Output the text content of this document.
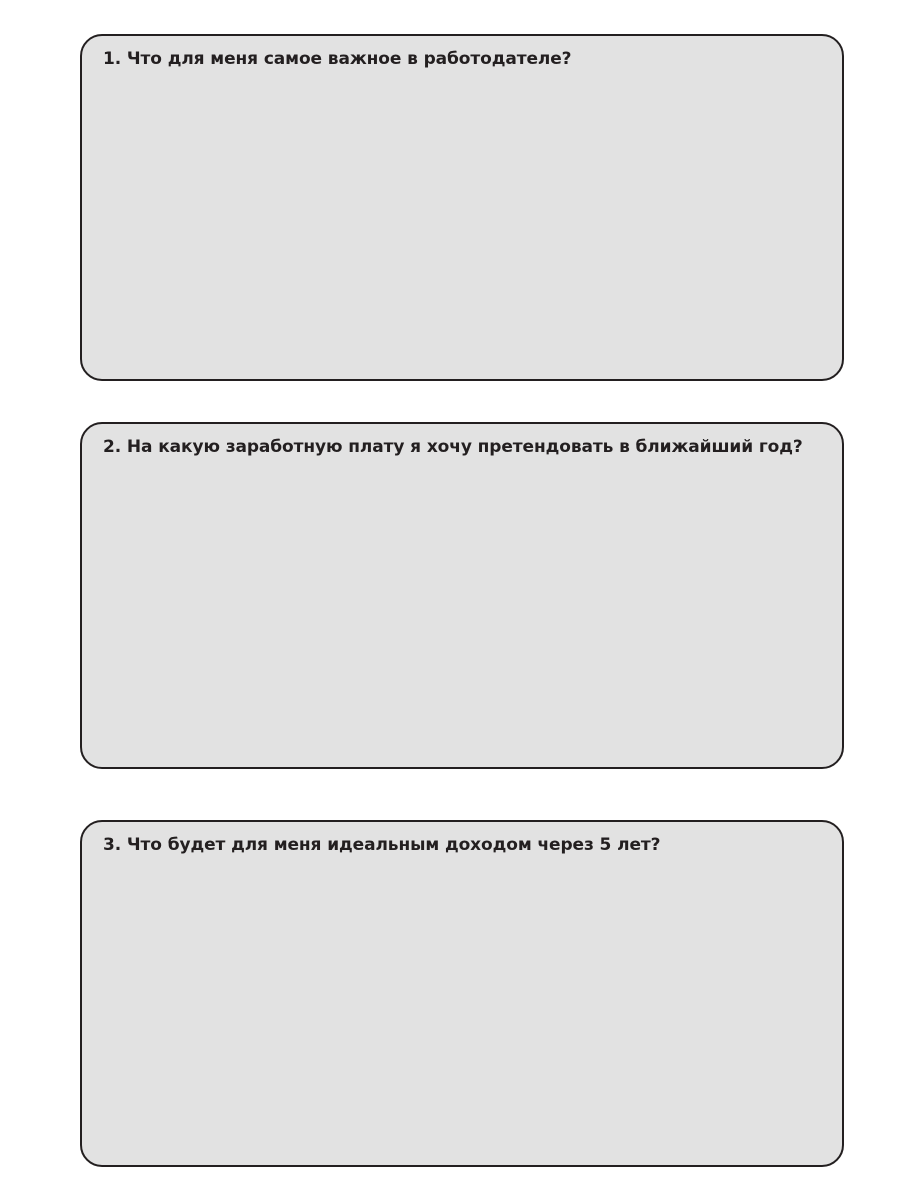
1. Что для меня самое важное в работодателе?
2. На какую заработную плату я хочу претендовать в ближайший год?
3. Что будет для меня идеальным доходом через 5 лет?
